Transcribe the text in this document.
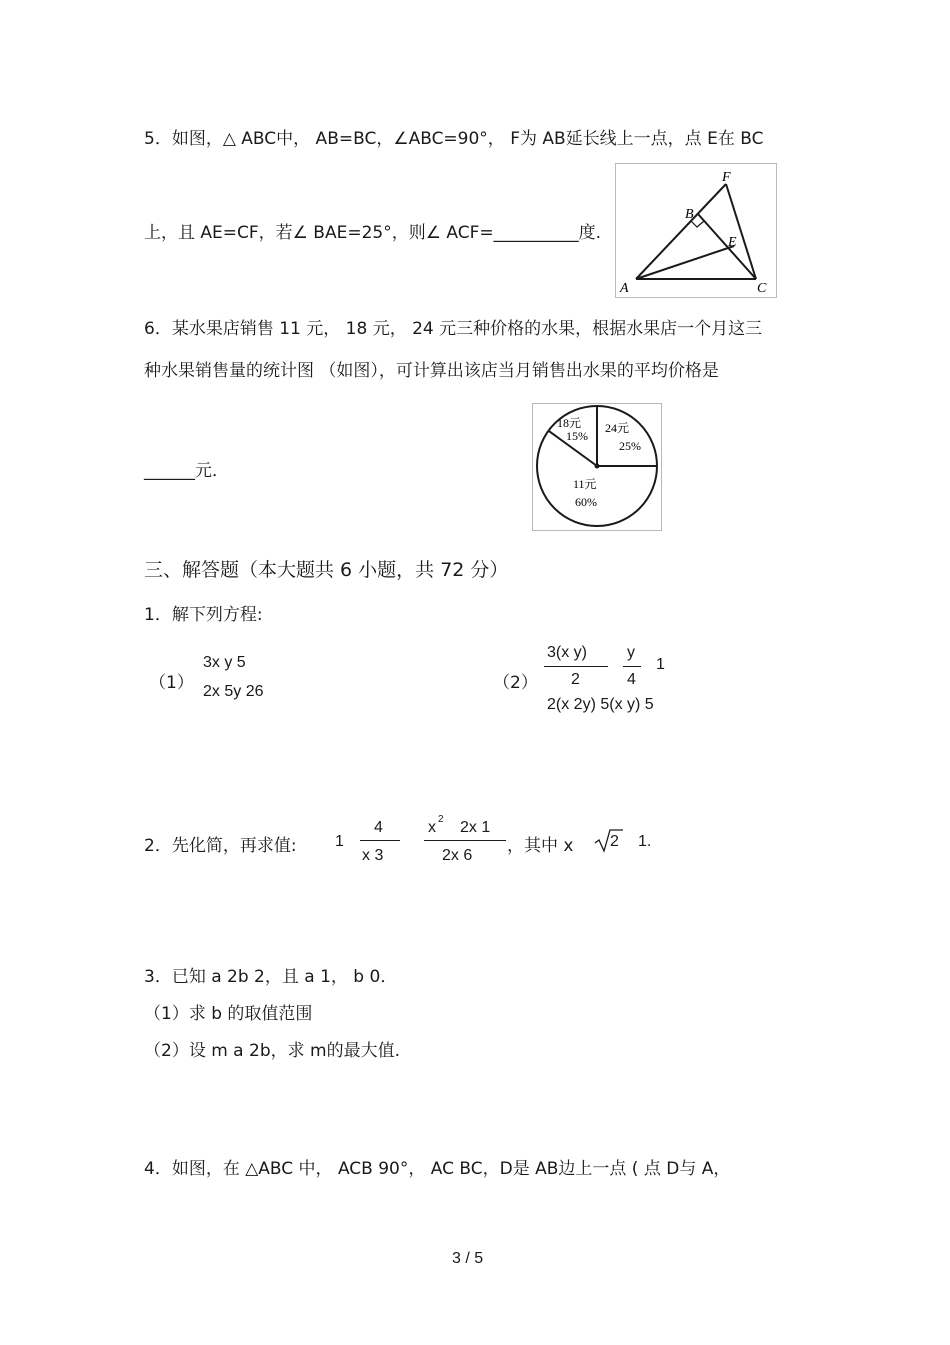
5．如图，△ ABC中， AB=BC，∠ABC=90°， F为 AB延长线上一点，点 E在 BC
上，且 AE=CF，若∠ BAE=25°，则∠ ACF=__________度.
A
B
C
E
F
6．某水果店销售 11 元， 18 元， 24 元三种价格的水果，根据水果店一个月这三
种水果销售量的统计图 （如图），可计算出该店当月销售出水果的平均价格是
______元．
18元
15%
24元
25%
11元
60%
三、解答题（本大题共 6 小题，共 72 分）
1．解下列方程:
（1）
3x y 5
2x 5y 26	（2）
3(x y)
2
y
4
1
2(x 2y) 5(x y) 5
2．先化简，再求值: 1
4
x 3
x 2 2x 1
2x 6 ，其中 x 2 1.
3．已知 a 2b 2，且 a 1， b 0．
（1）求 b 的取值范围
（2）设 m a 2b，求 m的最大值.
4．如图，在 △ABC 中， ACB 90°， AC BC，D是 AB边上一点 ( 点 D与 A，
3 / 5
